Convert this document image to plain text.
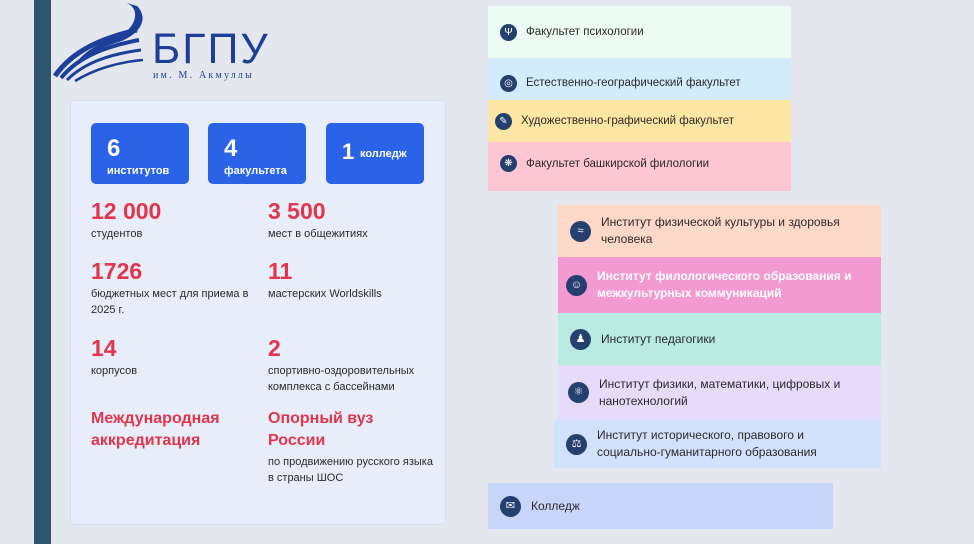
БГПУ
им. М. Акмуллы
6
институтов
4
факультета
1 колледж
12 000
студентов
3 500
мест в общежитиях
1726
бюджетных мест для приема в 2025 г.
11
мастерских Worldskills
14
корпусов
2
спортивно-оздоровительных комплекса с бассейнами
Международная аккредитация
Опорный вуз России
по продвижению русского языка в страны ШОС
Ψ	Факультет психологии
◎	Естественно-географический факультет
✎	Художественно-графический факультет
❋	Факультет башкирской филологии
≈
Институт физической культуры и здоровья человека
☺
Институт филологического образования и межкультурных коммуникаций
♟	Институт педагогики
⚛
Институт физики, математики, цифровых и нанотехнологий
⚖
Институт исторического, правового и социально-гуманитарного образования
✉	Колледж
